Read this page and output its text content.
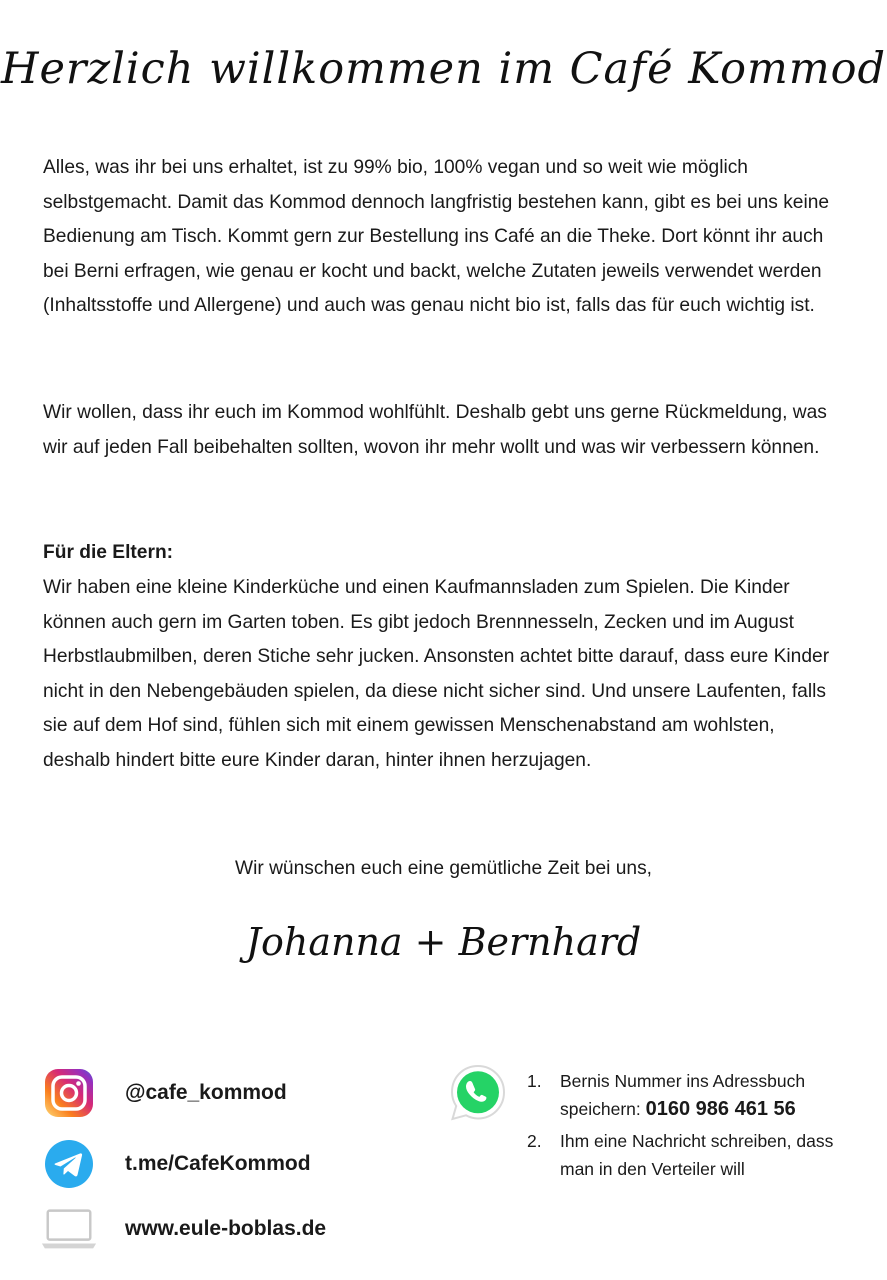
Herzlich willkommen im Café Kommod

Alles, was ihr bei uns erhaltet, ist zu 99% bio, 100% vegan und so weit wie möglich selbstgemacht. Damit das Kommod dennoch langfristig bestehen kann, gibt es bei uns keine Bedienung am Tisch. Kommt gern zur Bestellung ins Café an die Theke. Dort könnt ihr auch bei Berni erfragen, wie genau er kocht und backt, welche Zutaten jeweils verwendet werden (Inhaltsstoffe und Allergene) und auch was genau nicht bio ist, falls das für euch wichtig ist.

Wir wollen, dass ihr euch im Kommod wohlfühlt. Deshalb gebt uns gerne Rückmeldung, was wir auf jeden Fall beibehalten sollten, wovon ihr mehr wollt und was wir verbessern können.

Für die Eltern:

Wir haben eine kleine Kinderküche und einen Kaufmannsladen zum Spielen. Die Kinder können auch gern im Garten toben. Es gibt jedoch Brennnesseln, Zecken und im August Herbstlaubmilben, deren Stiche sehr jucken. Ansonsten achtet bitte darauf, dass eure Kinder nicht in den Nebengebäuden spielen, da diese nicht sicher sind. Und unsere Laufenten, falls sie auf dem Hof sind, fühlen sich mit einem gewissen Menschenabstand am wohlsten, deshalb hindert bitte eure Kinder daran, hinter ihnen herzujagen.

Wir wünschen euch eine gemütliche Zeit bei uns,
Johanna + Bernhard
@cafe_kommod
t.me/CafeKommod
www.eule-boblas.de
1.	Bernis Nummer ins Adressbuch speichern: 0160 986 461 56
2.	Ihm eine Nachricht schreiben, dass man in den Verteiler will
